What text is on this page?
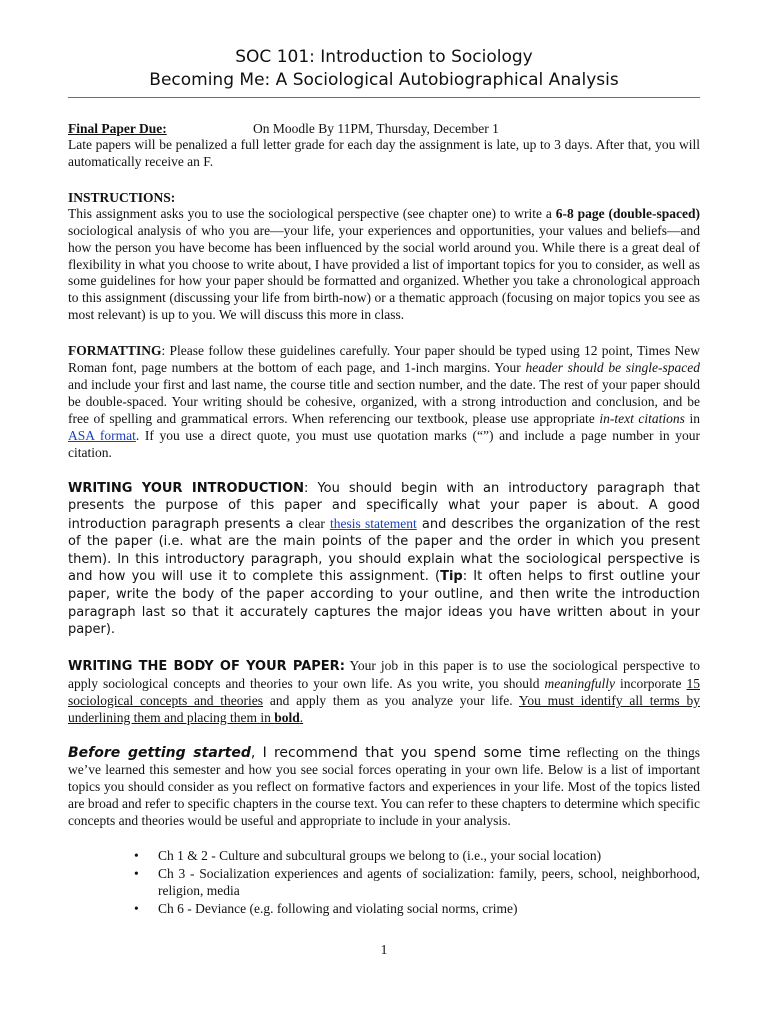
SOC 101: Introduction to Sociology
Becoming Me: A Sociological Autobiographical Analysis
Final Paper Due:	On Moodle By 11PM, Thursday, December 1
Late papers will be penalized a full letter grade for each day the assignment is late, up to 3 days. After that, you will automatically receive an F.
INSTRUCTIONS:
This assignment asks you to use the sociological perspective (see chapter one) to write a 6-8 page (double-spaced) sociological analysis of who you are—your life, your experiences and opportunities, your values and beliefs—and how the person you have become has been influenced by the social world around you. While there is a great deal of flexibility in what you choose to write about, I have provided a list of important topics for you to consider, as well as some guidelines for how your paper should be formatted and organized. Whether you take a chronological approach to this assignment (discussing your life from birth-now) or a thematic approach (focusing on major topics you see as most relevant) is up to you. We will discuss this more in class.
FORMATTING: Please follow these guidelines carefully. Your paper should be typed using 12 point, Times New Roman font, page numbers at the bottom of each page, and 1-inch margins. Your header should be single-spaced and include your first and last name, the course title and section number, and the date. The rest of your paper should be double-spaced. Your writing should be cohesive, organized, with a strong introduction and conclusion, and be free of spelling and grammatical errors. When referencing our textbook, please use appropriate in-text citations in ASA format. If you use a direct quote, you must use quotation marks (“”) and include a page number in your citation.
WRITING YOUR INTRODUCTION: You should begin with an introductory paragraph that presents the purpose of this paper and specifically what your paper is about. A good introduction paragraph presents a clear thesis statement and describes the organization of the rest of the paper (i.e. what are the main points of the paper and the order in which you present them). In this introductory paragraph, you should explain what the sociological perspective is and how you will use it to complete this assignment. (Tip: It often helps to first outline your paper, write the body of the paper according to your outline, and then write the introduction paragraph last so that it accurately captures the major ideas you have written about in your paper).
WRITING THE BODY OF YOUR PAPER: Your job in this paper is to use the sociological perspective to apply sociological concepts and theories to your own life. As you write, you should meaningfully incorporate 15 sociological concepts and theories and apply them as you analyze your life. You must identify all terms by underlining them and placing them in bold.
Before getting started, I recommend that you spend some time reflecting on the things we’ve learned this semester and how you see social forces operating in your own life. Below is a list of important topics you should consider as you reflect on formative factors and experiences in your life. Most of the topics listed are broad and refer to specific chapters in the course text. You can refer to these chapters to determine which specific concepts and theories would be useful and appropriate to include in your analysis.
• Ch 1 & 2 - Culture and subcultural groups we belong to (i.e., your social location)
• Ch 3 - Socialization experiences and agents of socialization: family, peers, school, neighborhood, religion, media
• Ch 6 - Deviance (e.g. following and violating social norms, crime)
1
